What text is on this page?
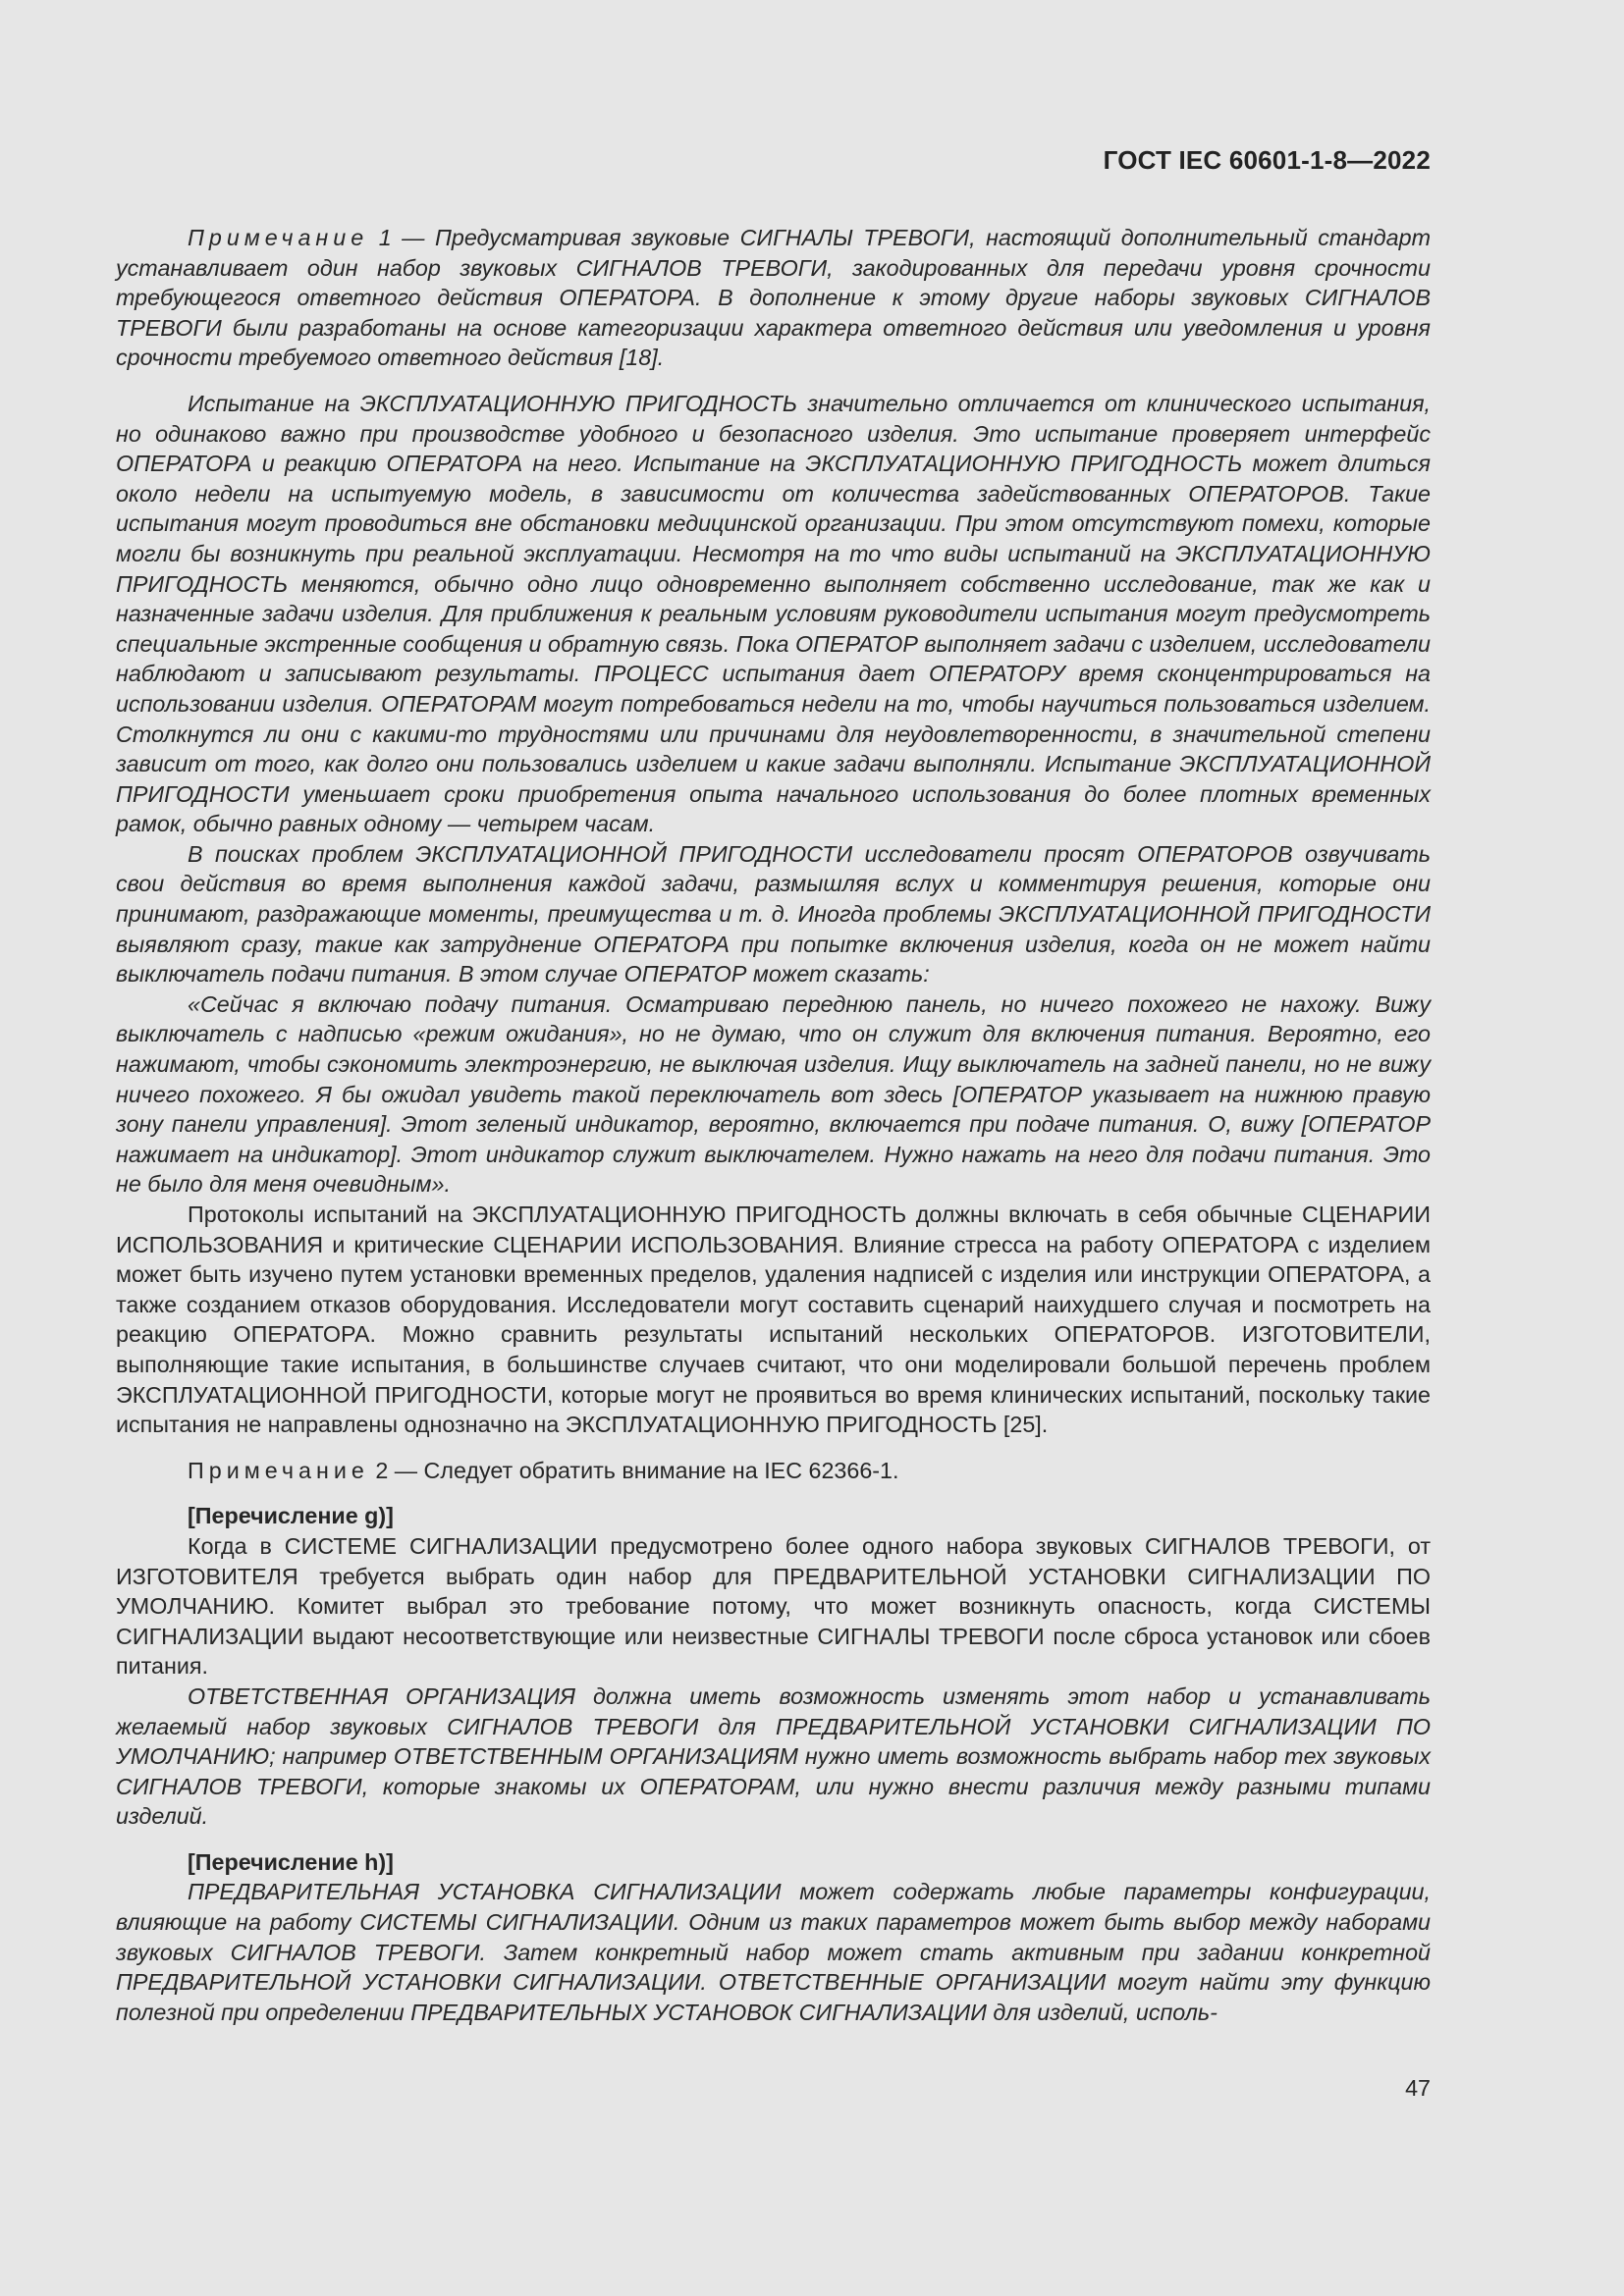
ГОСТ IEC 60601-1-8—2022

Примечание 1 — Предусматривая звуковые СИГНАЛЫ ТРЕВОГИ, настоящий дополнительный стандарт устанавливает один набор звуковых СИГНАЛОВ ТРЕВОГИ, закодированных для передачи уровня срочности требующегося ответного действия ОПЕРАТОРА. В дополнение к этому другие наборы звуковых СИГНАЛОВ ТРЕВОГИ были разработаны на основе категоризации характера ответного действия или уведомления и уровня срочности требуемого ответного действия [18].

Испытание на ЭКСПЛУАТАЦИОННУЮ ПРИГОДНОСТЬ значительно отличается от клинического испытания, но одинаково важно при производстве удобного и безопасного изделия. Это испытание проверяет интерфейс ОПЕРАТОРА и реакцию ОПЕРАТОРА на него. Испытание на ЭКСПЛУАТАЦИОННУЮ ПРИГОДНОСТЬ может длиться около недели на испытуемую модель, в зависимости от количества задействованных ОПЕРАТОРОВ. Такие испытания могут проводиться вне обстановки медицинской организации. При этом отсутствуют помехи, которые могли бы возникнуть при реальной эксплуатации. Несмотря на то что виды испытаний на ЭКСПЛУАТАЦИОННУЮ ПРИГОДНОСТЬ меняются, обычно одно лицо одновременно выполняет собственно исследование, так же как и назначенные задачи изделия. Для приближения к реальным условиям руководители испытания могут предусмотреть специальные экстренные сообщения и обратную связь. Пока ОПЕРАТОР выполняет задачи с изделием, исследователи наблюдают и записывают результаты. ПРОЦЕСС испытания дает ОПЕРАТОРУ время сконцентрироваться на использовании изделия. ОПЕРАТОРАМ могут потребоваться недели на то, чтобы научиться пользоваться изделием. Столкнутся ли они с какими-то трудностями или причинами для неудовлетворенности, в значительной степени зависит от того, как долго они пользовались изделием и какие задачи выполняли. Испытание ЭКСПЛУАТАЦИОННОЙ ПРИГОДНОСТИ уменьшает сроки приобретения опыта начального использования до более плотных временных рамок, обычно равных одному — четырем часам.

В поисках проблем ЭКСПЛУАТАЦИОННОЙ ПРИГОДНОСТИ исследователи просят ОПЕРАТОРОВ озвучивать свои действия во время выполнения каждой задачи, размышляя вслух и комментируя решения, которые они принимают, раздражающие моменты, преимущества и т. д. Иногда проблемы ЭКСПЛУАТАЦИОННОЙ ПРИГОДНОСТИ выявляют сразу, такие как затруднение ОПЕРАТОРА при попытке включения изделия, когда он не может найти выключатель подачи питания. В этом случае ОПЕРАТОР может сказать:

«Сейчас я включаю подачу питания. Осматриваю переднюю панель, но ничего похожего не нахожу. Вижу выключатель с надписью «режим ожидания», но не думаю, что он служит для включения питания. Вероятно, его нажимают, чтобы сэкономить электроэнергию, не выключая изделия. Ищу выключатель на задней панели, но не вижу ничего похожего. Я бы ожидал увидеть такой переключатель вот здесь [ОПЕРАТОР указывает на нижнюю правую зону панели управления]. Этот зеленый индикатор, вероятно, включается при подаче питания. О, вижу [ОПЕРАТОР нажимает на индикатор]. Этот индикатор служит выключателем. Нужно нажать на него для подачи питания. Это не было для меня очевидным».

Протоколы испытаний на ЭКСПЛУАТАЦИОННУЮ ПРИГОДНОСТЬ должны включать в себя обычные СЦЕНАРИИ ИСПОЛЬЗОВАНИЯ и критические СЦЕНАРИИ ИСПОЛЬЗОВАНИЯ. Влияние стресса на работу ОПЕРАТОРА с изделием может быть изучено путем установки временных пределов, удаления надписей с изделия или инструкции ОПЕРАТОРА, а также созданием отказов оборудования. Исследователи могут составить сценарий наихудшего случая и посмотреть на реакцию ОПЕРАТОРА. Можно сравнить результаты испытаний нескольких ОПЕРАТОРОВ. ИЗГОТОВИТЕЛИ, выполняющие такие испытания, в большинстве случаев считают, что они моделировали большой перечень проблем ЭКСПЛУАТАЦИОННОЙ ПРИГОДНОСТИ, которые могут не проявиться во время клинических испытаний, поскольку такие испытания не направлены однозначно на ЭКСПЛУАТАЦИОННУЮ ПРИГОДНОСТЬ [25].

Примечание 2 — Следует обратить внимание на IEC 62366-1.

[Перечисление g)]

Когда в СИСТЕМЕ СИГНАЛИЗАЦИИ предусмотрено более одного набора звуковых СИГНАЛОВ ТРЕВОГИ, от ИЗГОТОВИТЕЛЯ требуется выбрать один набор для ПРЕДВАРИТЕЛЬНОЙ УСТАНОВКИ СИГНАЛИЗАЦИИ ПО УМОЛЧАНИЮ. Комитет выбрал это требование потому, что может возникнуть опасность, когда СИСТЕМЫ СИГНАЛИЗАЦИИ выдают несоответствующие или неизвестные СИГНАЛЫ ТРЕВОГИ после сброса установок или сбоев питания.

ОТВЕТСТВЕННАЯ ОРГАНИЗАЦИЯ должна иметь возможность изменять этот набор и устанавливать желаемый набор звуковых СИГНАЛОВ ТРЕВОГИ для ПРЕДВАРИТЕЛЬНОЙ УСТАНОВКИ СИГНАЛИЗАЦИИ ПО УМОЛЧАНИЮ; например ОТВЕТСТВЕННЫМ ОРГАНИЗАЦИЯМ нужно иметь возможность выбрать набор тех звуковых СИГНАЛОВ ТРЕВОГИ, которые знакомы их ОПЕРАТОРАМ, или нужно внести различия между разными типами изделий.

[Перечисление h)]

ПРЕДВАРИТЕЛЬНАЯ УСТАНОВКА СИГНАЛИЗАЦИИ может содержать любые параметры конфигурации, влияющие на работу СИСТЕМЫ СИГНАЛИЗАЦИИ. Одним из таких параметров может быть выбор между наборами звуковых СИГНАЛОВ ТРЕВОГИ. Затем конкретный набор может стать активным при задании конкретной ПРЕДВАРИТЕЛЬНОЙ УСТАНОВКИ СИГНАЛИЗАЦИИ. ОТВЕТСТВЕННЫЕ ОРГАНИЗАЦИИ могут найти эту функцию полезной при определении ПРЕДВАРИТЕЛЬНЫХ УСТАНОВОК СИГНАЛИЗАЦИИ для изделий, исполь-

47
